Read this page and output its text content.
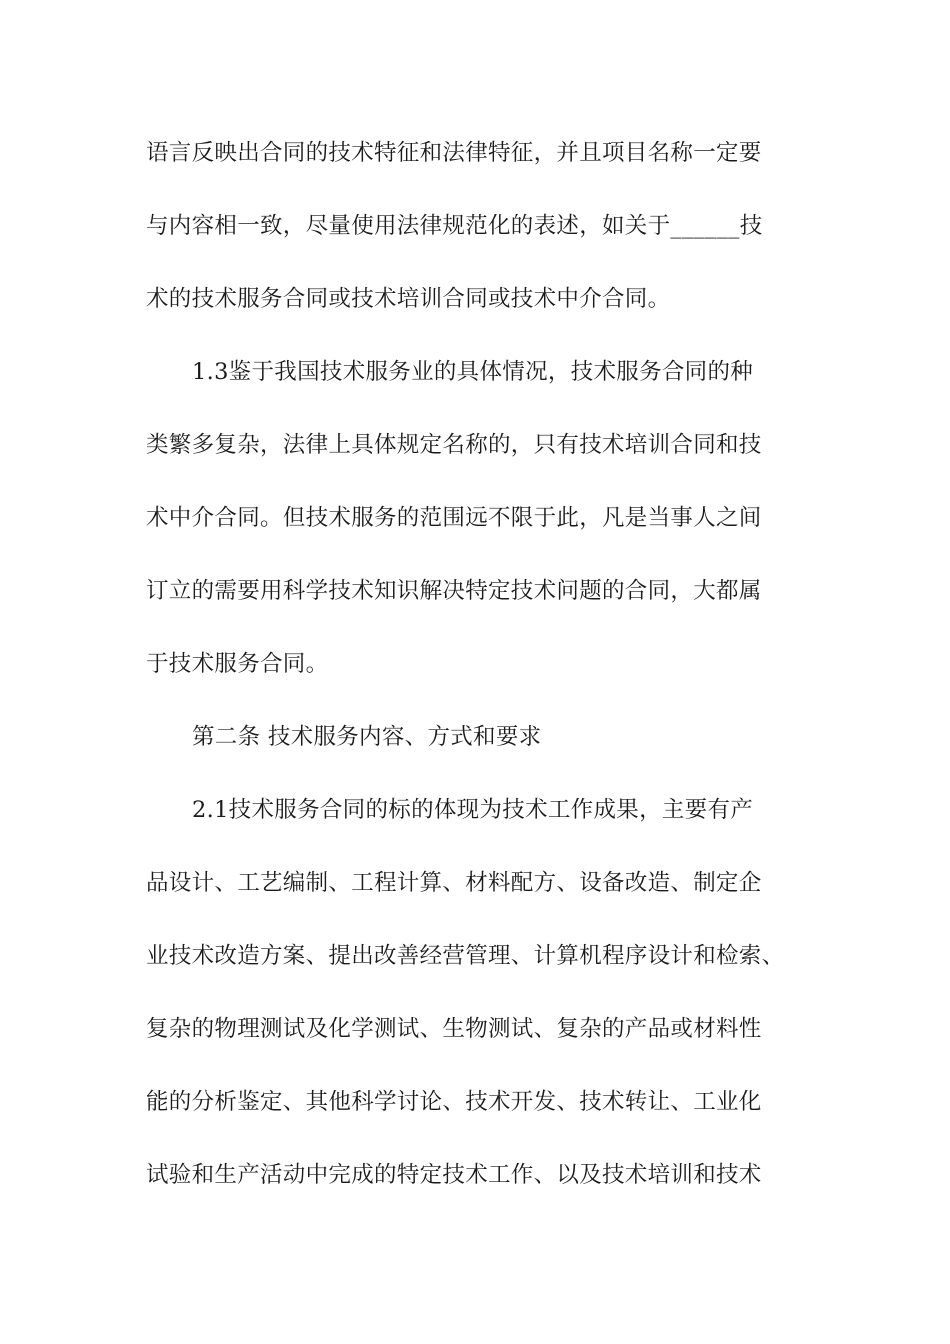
语言反映出合同的技术特征和法律特征，并且项目名称一定要

与内容相一致，尽量使用法律规范化的表述，如关于______技

术的技术服务合同或技术培训合同或技术中介合同。

1.3鉴于我国技术服务业的具体情况，技术服务合同的种

类繁多复杂，法律上具体规定名称的，只有技术培训合同和技

术中介合同。但技术服务的范围远不限于此，凡是当事人之间

订立的需要用科学技术知识解决特定技术问题的合同，大都属

于技术服务合同。

第二条 技术服务内容、方式和要求

2.1技术服务合同的标的体现为技术工作成果，主要有产

品设计、工艺编制、工程计算、材料配方、设备改造、制定企

业技术改造方案、提出改善经营管理、计算机程序设计和检索、

复杂的物理测试及化学测试、生物测试、复杂的产品或材料性

能的分析鉴定、其他科学讨论、技术开发、技术转让、工业化

试验和生产活动中完成的特定技术工作、以及技术培训和技术
